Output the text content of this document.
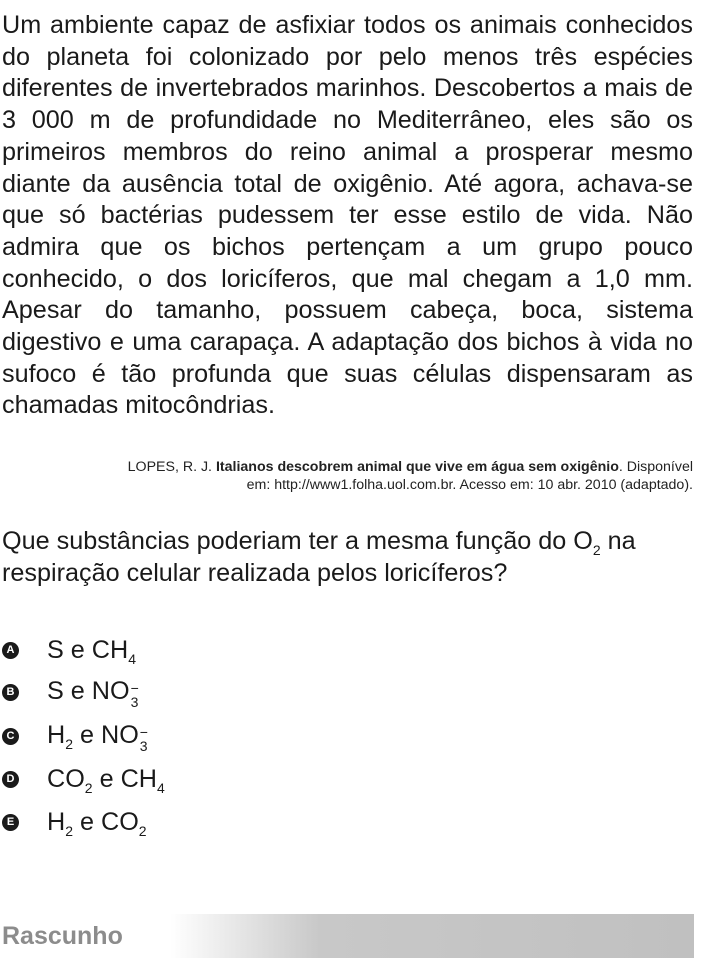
Um ambiente capaz de asfixiar todos os animais conhecidos do planeta foi colonizado por pelo menos três espécies diferentes de invertebrados marinhos. Descobertos a mais de 3 000 m de profundidade no Mediterrâneo, eles são os primeiros membros do reino animal a prosperar mesmo diante da ausência total de oxigênio. Até agora, achava-se que só bactérias pudessem ter esse estilo de vida. Não admira que os bichos pertençam a um grupo pouco conhecido, o dos loricíferos, que mal chegam a 1,0 mm. Apesar do tamanho, possuem cabeça, boca, sistema digestivo e uma carapaça. A adaptação dos bichos à vida no sufoco é tão profunda que suas células dispensaram as chamadas mitocôndrias.

LOPES, R. J. Italianos descobrem animal que vive em água sem oxigênio. Disponível
em: http://www1.folha.uol.com.br. Acesso em: 10 abr. 2010 (adaptado).

Que substâncias poderiam ter a mesma função do $O_2$ na respiração celular realizada pelos loricíferos?

A S e $CH_4$
B S e NO −
3
C $H_2$ e NO −
3
D $CO_2$ e $CH_4$
E $H_2$ e $CO_2$
Rascunho
